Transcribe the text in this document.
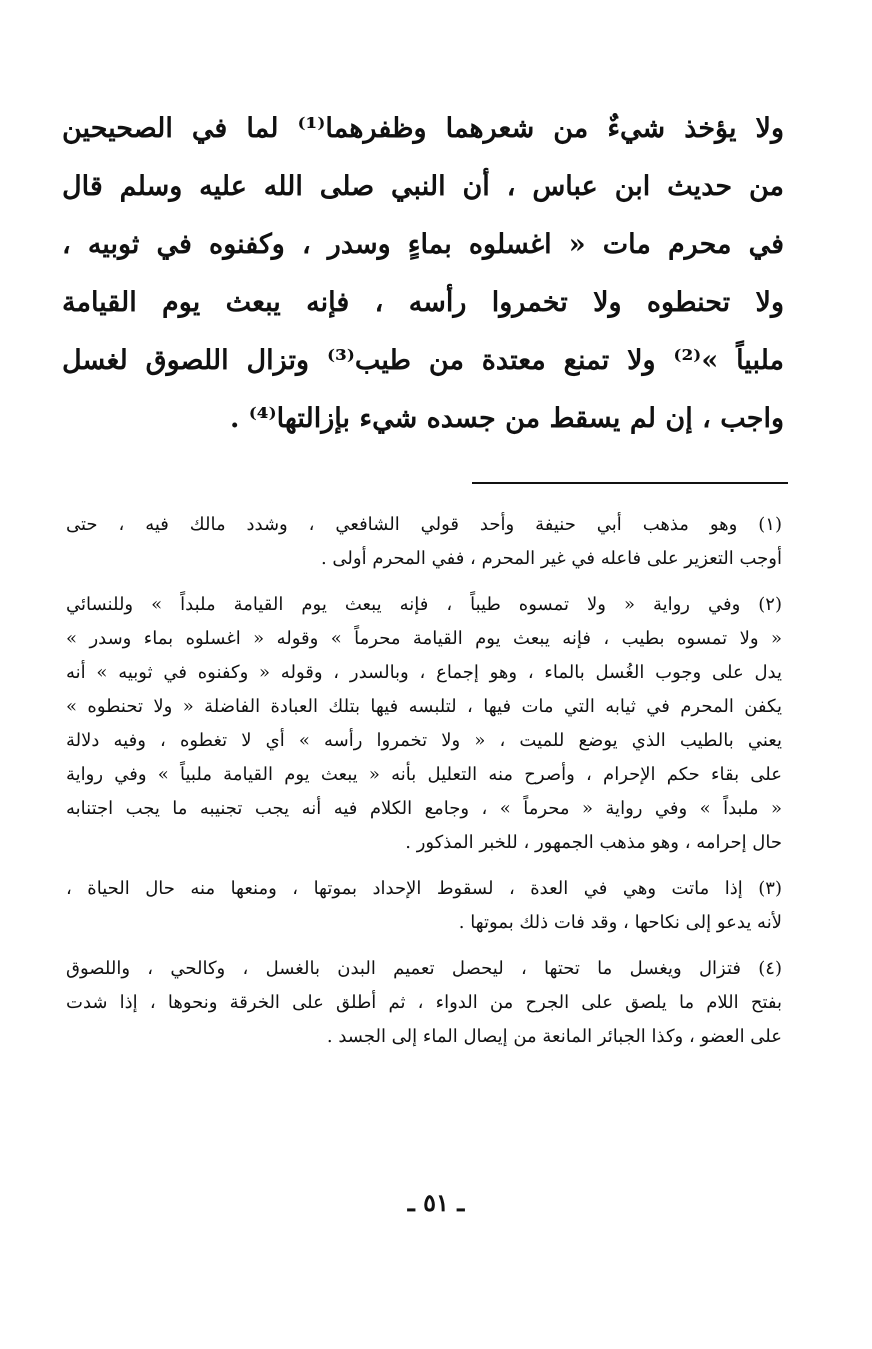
ولا يؤخذ شيءٌ من شعرهما وظفرهما⁽¹⁾ لما في الصحيحين
من حديث ابن عباس ، أن النبي صلى الله عليه وسلم قال
في محرم مات « اغسلوه بماءٍ وسدر ، وكفنوه في ثوبيه ،
ولا تحنطوه ولا تخمروا رأسه ، فإنه يبعث يوم القيامة
ملبياً »⁽²⁾ ولا تمنع معتدة من طيب⁽³⁾ وتزال اللصوق لغسل
واجب ، إن لم يسقط من جسده شيء بإزالتها⁽⁴⁾ .
(١) وهو مذهب أبي حنيفة وأحد قولي الشافعي ، وشدد مالك فيه ، حتى
أوجب التعزير على فاعله في غير المحرم ، ففي المحرم أولى .
(٢) وفي رواية « ولا تمسوه طيباً ، فإنه يبعث يوم القيامة ملبداً » وللنسائي
« ولا تمسوه بطيب ، فإنه يبعث يوم القيامة محرماً » وقوله « اغسلوه بماء وسدر »
يدل على وجوب الغُسل بالماء ، وهو إجماع ، وبالسدر ، وقوله « وكفنوه في ثوبيه » أنه
يكفن المحرم في ثيابه التي مات فيها ، لتلبسه فيها بتلك العبادة الفاضلة « ولا تحنطوه »
يعني بالطيب الذي يوضع للميت ، « ولا تخمروا رأسه » أي لا تغطوه ، وفيه دلالة
على بقاء حكم الإحرام ، وأصرح منه التعليل بأنه « يبعث يوم القيامة ملبياً » وفي رواية
« ملبداً » وفي رواية « محرماً » ، وجامع الكلام فيه أنه يجب تجنيبه ما يجب اجتنابه
حال إحرامه ، وهو مذهب الجمهور ، للخبر المذكور .
(٣) إذا ماتت وهي في العدة ، لسقوط الإحداد بموتها ، ومنعها منه حال الحياة ،
لأنه يدعو إلى نكاحها ، وقد فات ذلك بموتها .
(٤) فتزال ويغسل ما تحتها ، ليحصل تعميم البدن بالغسل ، وكالحي ، واللصوق
بفتح اللام ما يلصق على الجرح من الدواء ، ثم أطلق على الخرقة ونحوها ، إذا شدت
على العضو ، وكذا الجبائر المانعة من إيصال الماء إلى الجسد .
ـ ٥١ ـ
